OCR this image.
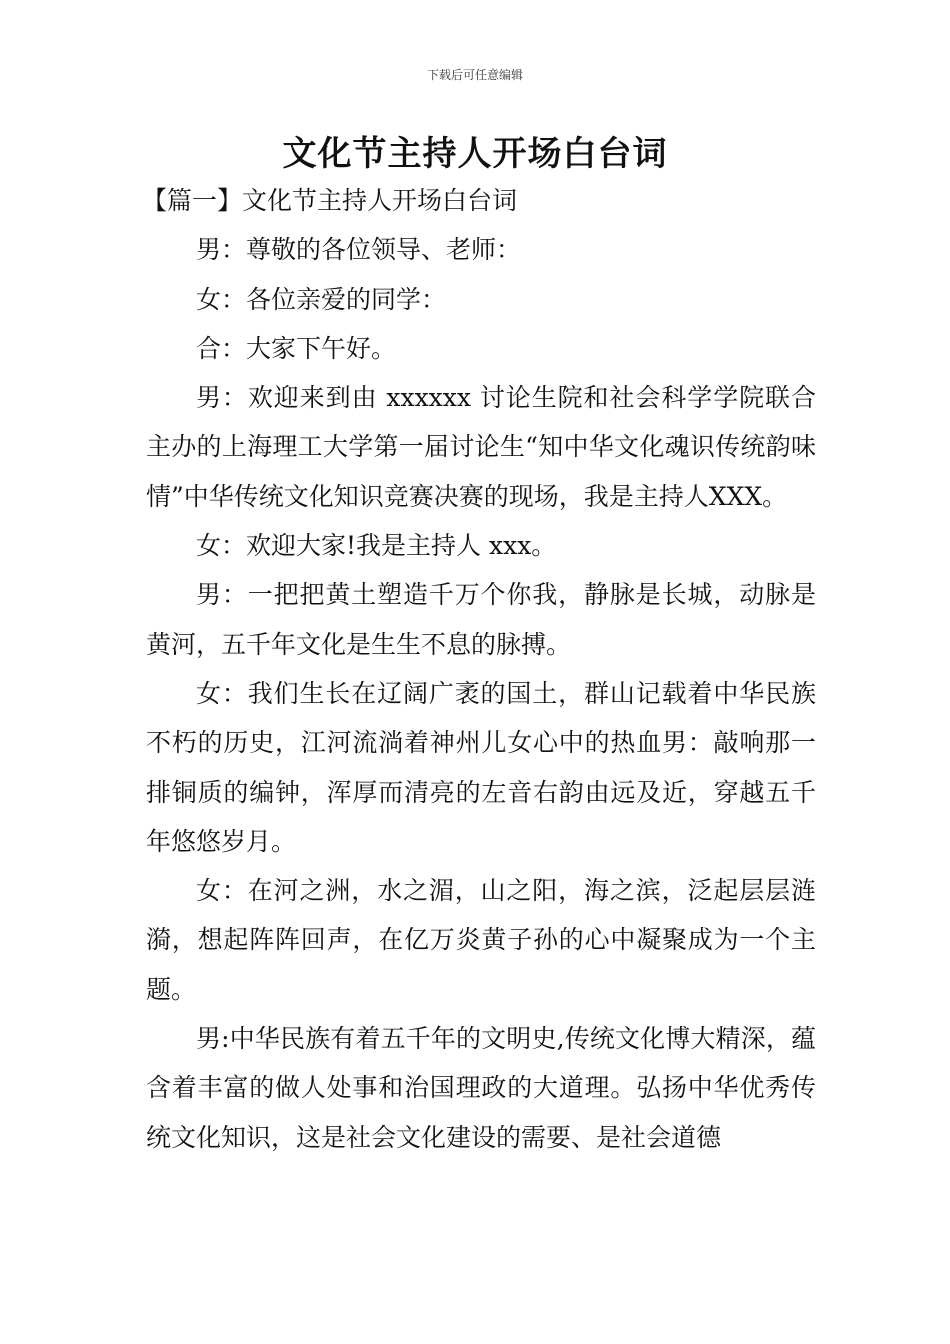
下载后可任意编辑
文化节主持人开场白台词

【篇一】文化节主持人开场白台词

男：尊敬的各位领导、老师：

女：各位亲爱的同学：

合：大家下午好。

男：欢迎来到由 xxxxxx 讨论生院和社会科学学院联合主办的上海理工大学第一届讨论生“知中华文化魂识传统韵味情”中华传统文化知识竞赛决赛的现场，我是主持人XXX。

女：欢迎大家!我是主持人 xxx。

男：一把把黄土塑造千万个你我，静脉是长城，动脉是黄河，五千年文化是生生不息的脉搏。

女：我们生长在辽阔广袤的国土，群山记载着中华民族不朽的历史，江河流淌着神州儿女心中的热血男：敲响那一排铜质的编钟，浑厚而清亮的左音右韵由远及近，穿越五千年悠悠岁月。

女：在河之洲，水之湄，山之阳，海之滨，泛起层层涟漪，想起阵阵回声，在亿万炎黄子孙的心中凝聚成为一个主题。

男:中华民族有着五千年的文明史,传统文化博大精深，蕴含着丰富的做人处事和治国理政的大道理。弘扬中华优秀传统文化知识，这是社会文化建设的需要、是社会道德
